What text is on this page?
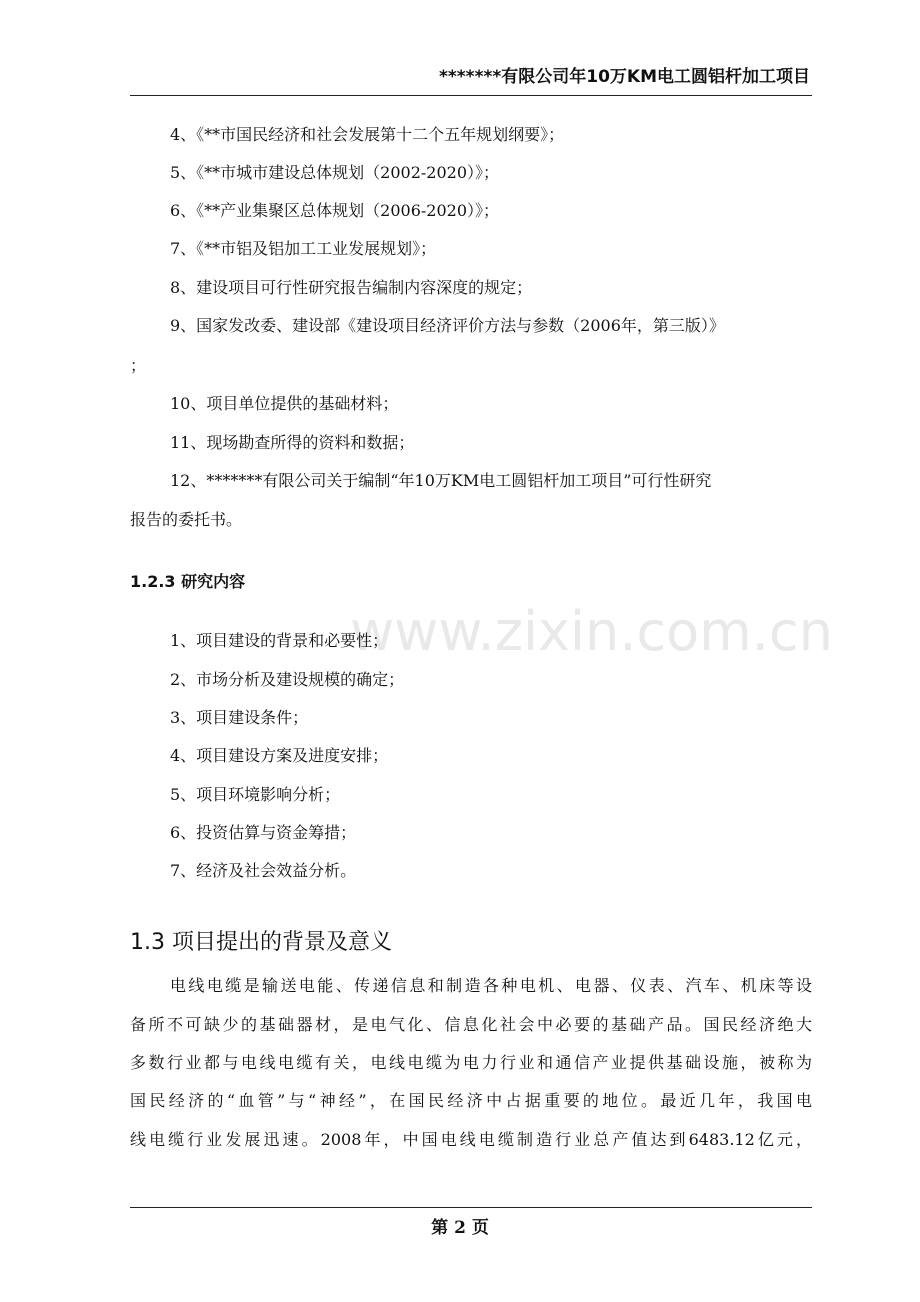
*******有限公司年10万KM电工圆铝杆加工项目
www.zixin.com.cn
4、《**市国民经济和社会发展第十二个五年规划纲要》；
5、《**市城市建设总体规划（2002-2020）》；
6、《**产业集聚区总体规划（2006-2020）》；
7、《**市铝及铝加工工业发展规划》；
8、建设项目可行性研究报告编制内容深度的规定；
9、国家发改委、建设部《建设项目经济评价方法与参数（2006年，第三版）》
；
10、项目单位提供的基础材料；
11、现场勘查所得的资料和数据；
12、*******有限公司关于编制“年10万KM电工圆铝杆加工项目”可行性研究
报告的委托书。
1.2.3 研究内容
1、项目建设的背景和必要性；
2、市场分析及建设规模的确定；
3、项目建设条件；
4、项目建设方案及进度安排；
5、项目环境影响分析；
6、投资估算与资金筹措；
7、经济及社会效益分析。
1.3 项目提出的背景及意义
电线电缆是输送电能、传递信息和制造各种电机、电器、仪表、汽车、机床等设
备所不可缺少的基础器材，是电气化、信息化社会中必要的基础产品。国民经济绝大
多数行业都与电线电缆有关，电线电缆为电力行业和通信产业提供基础设施，被称为
国民经济的“血管”与“神经”，在国民经济中占据重要的地位。最近几年，我国电
线电缆行业发展迅速。2008年，中国电线电缆制造行业总产值达到6483.12亿元，
第 2 页
